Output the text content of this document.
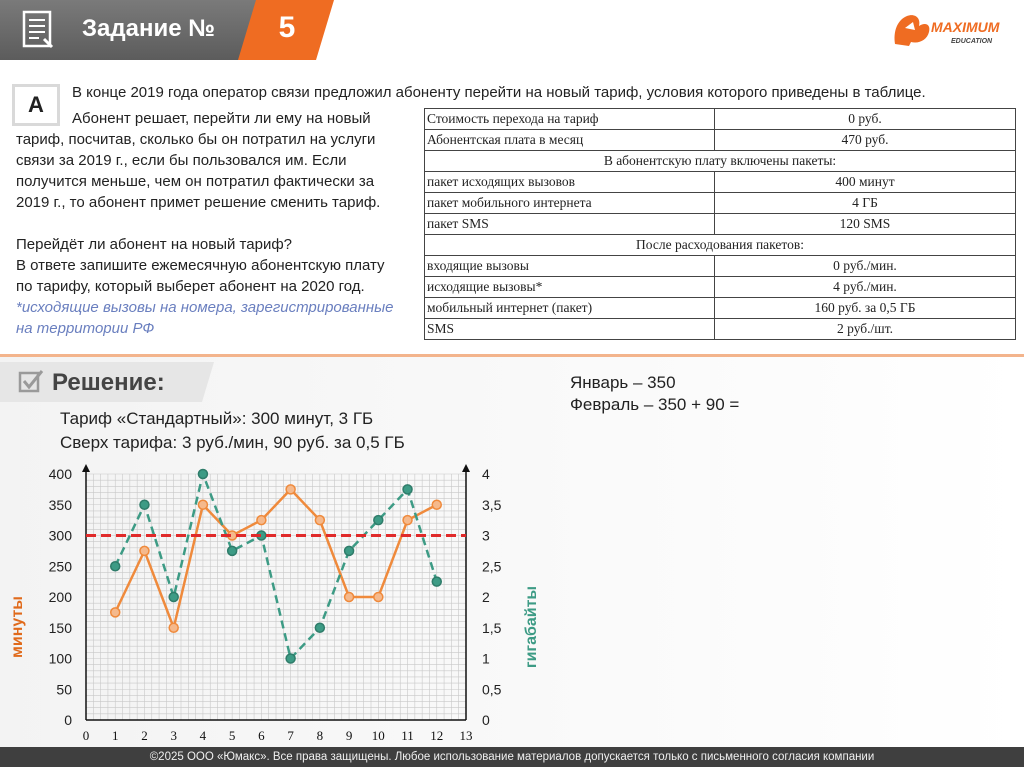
Задание №	5	MAXIMUM
EDUCATION
A	В конце 2019 года оператор связи предложил абоненту перейти на новый тариф, условия которого приведены в таблице.

Абонент решает, перейти ли ему на новый

тариф, посчитав, сколько бы он потратил на услуги

связи за 2019 г., если бы пользовался им. Если

получится меньше, чем он потратил фактически за

2019 г., то абонент примет решение сменить тариф.

Перейдёт ли абонент на новый тариф?

В ответе запишите ежемесячную абонентскую плату

по тарифу, который выберет абонент на 2020 год.

*исходящие вызовы на номера, зарегистрированные

на территории РФ

Стоимость перехода на тариф	0 руб.
Абонентская плата в месяц	470 руб.
В абонентскую плату включены пакеты:	
пакет исходящих вызовов	400 минут
пакет мобильного интернета	4 ГБ
пакет SMS	120 SMS
После расходования пакетов:	
входящие вызовы	0 руб./мин.
исходящие вызовы*	4 руб./мин.
мобильный интернет (пакет)	160 руб. за 0,5 ГБ
SMS	2 руб./шт.
Решение:	Январь – 350
Февраль – 350 + 90 =
Тариф «Стандартный»: 300 минут, 3 ГБ
Сверх тарифа: 3 руб./мин, 90 руб. за 0,5 ГБ
0 1 2 3 4 5 6 7 8 9 10 11 12 13
0
50
100
150
200
250
300
350
400
0
0,5
1
1,5
2
2,5
3
3,5
4
минуты	гигабайты
©2025 ООО «Юмакс». Все права защищены. Любое использование материалов допускается только с письменного согласия компании
